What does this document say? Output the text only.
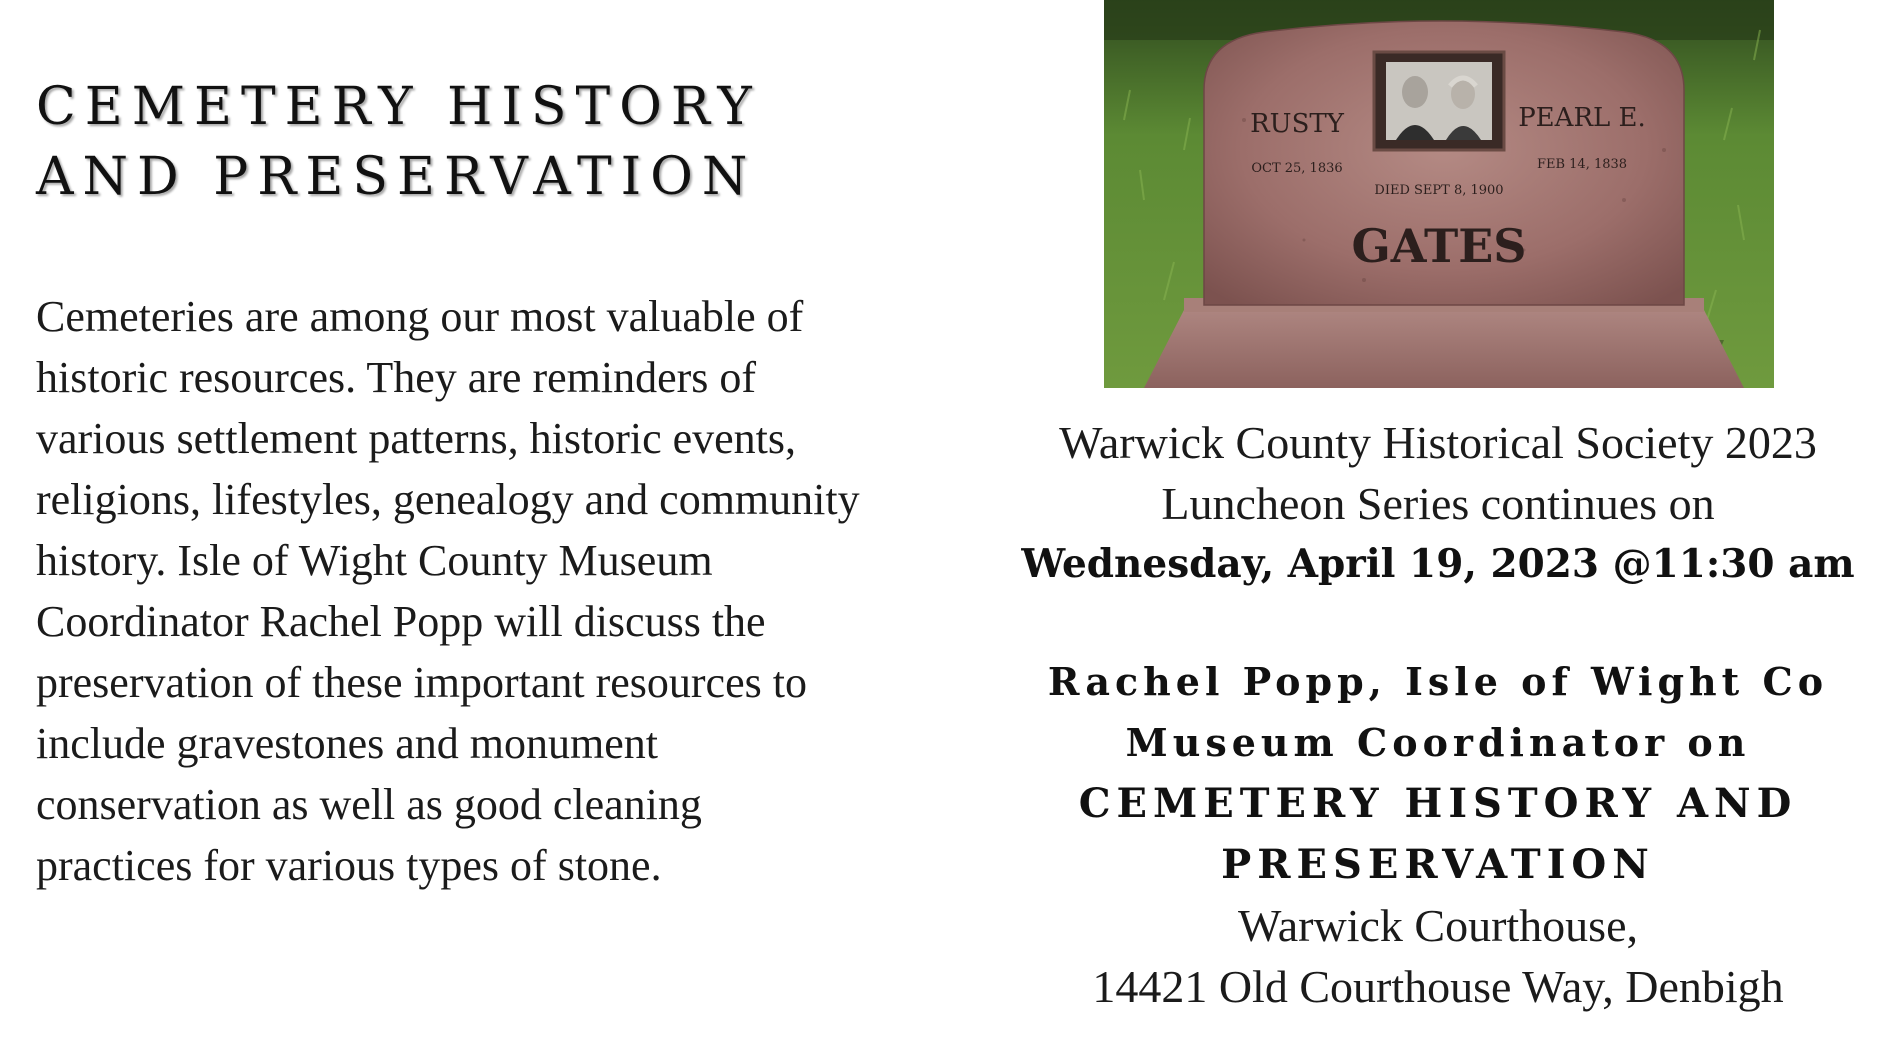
CEMETERY HISTORY
AND PRESERVATION

Cemeteries are among our most valuable of historic resources. They are reminders of various settlement patterns, historic events, religions, lifestyles, genealogy and community history. Isle of Wight County Museum Coordinator Rachel Popp will discuss the preservation of these important resources to include gravestones and monument conservation as well as good cleaning practices for various types of stone.

RUSTY
OCT 25, 1836
PEARL E.
FEB 14, 1838
DIED SEPT 8, 1900
GATES
Warwick County Historical Society 2023
Luncheon Series continues on
Wednesday, April 19, 2023 @11:30 am
Rachel Popp, Isle of Wight Co
Museum Coordinator on
CEMETERY HISTORY AND
PRESERVATION
Warwick Courthouse,
14421 Old Courthouse Way, Denbigh
